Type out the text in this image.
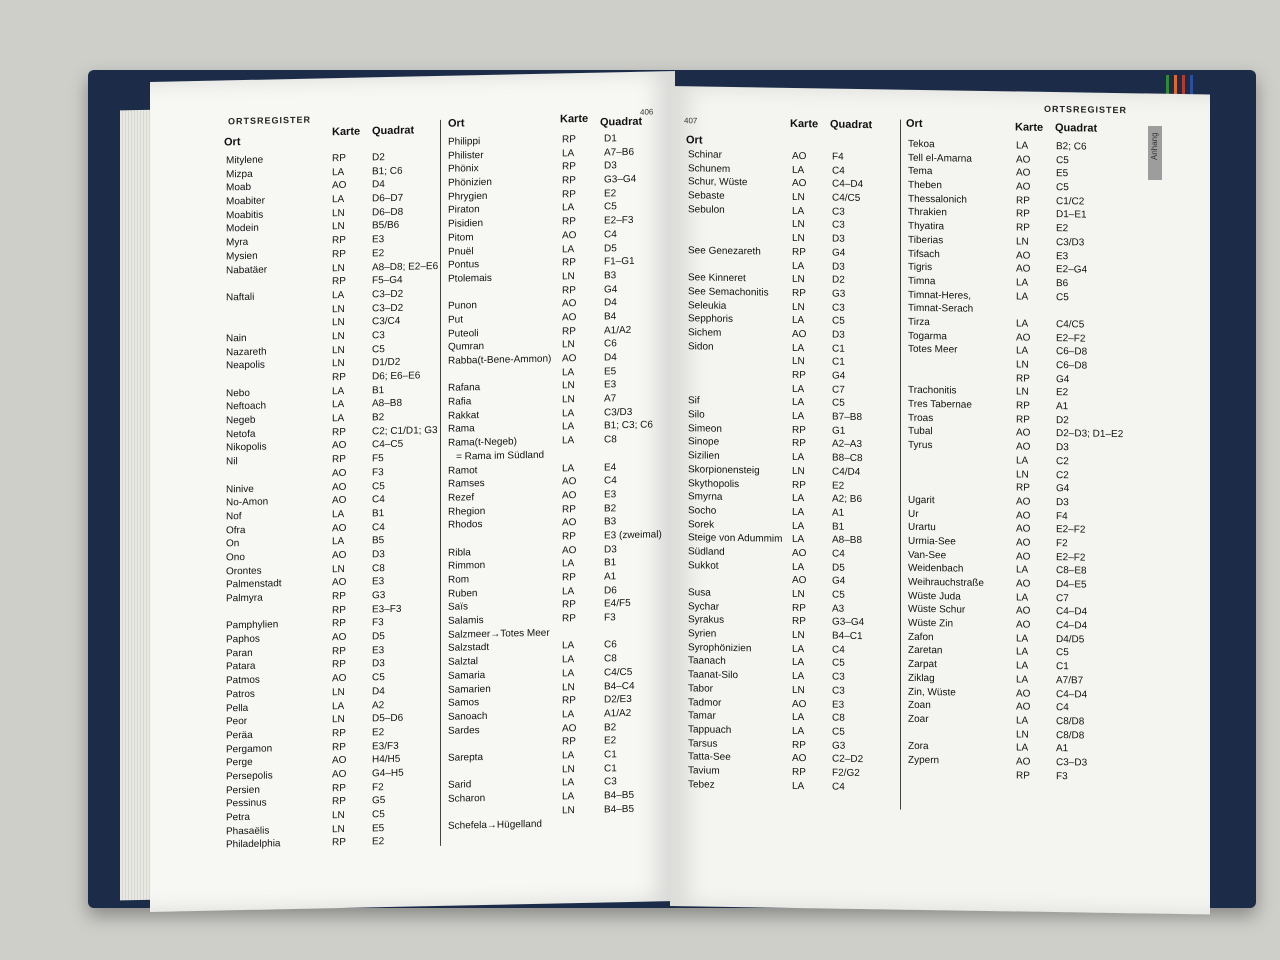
ORTSREGISTER
406
Ort
Karte Quadrat
Ort	Karte Quadrat
Mitylene	RP	D2
Mizpa	LA	B1; C6
Moab	AO	D4
Moabiter	LA	D6–D7
Moabitis	LN	D6–D8
Modein	LN	B5/B6
Myra	RP	E3
Mysien	RP	E2
Nabatäer	LN	A8–D8; E2–E6
RP	F5–G4
Naftali	LA	C3–D2
LN	C3–D2
LN	C3/C4
Nain	LN	C3
Nazareth	LN	C5
Neapolis	LN	D1/D2
RP	D6; E6–E6
Nebo	LA	B1
Neftoach	LA	A8–B8
Negeb	LA	B2
Netofa	RP	C2; C1/D1; G3
Nikopolis	AO	C4–C5
Nil	RP	F5
AO	F3
Ninive	AO	C5
No-Amon	AO	C4
Nof	LA	B1
Ofra	AO	C4
On	LA	B5
Ono	AO	D3
Orontes	LN	C8
Palmenstadt	AO	E3
Palmyra	RP	G3
RP	E3–F3
Pamphylien	RP	F3
Paphos	AO	D5
Paran	RP	E3
Patara	RP	D3
Patmos	AO	C5
Patros	LN	D4
Pella	LA	A2
Peor	LN	D5–D6
Peräa	RP	E2
Pergamon	RP	E3/F3
Perge	AO	H4/H5
Persepolis	AO	G4–H5
Persien	RP	F2
Pessinus	RP	G5
Petra	LN	C5
Phasaëlis	LN	E5
Philadelphia	RP	E2
Philippi	RP	D1
Philister	LA	A7–B6
Phönix	RP	D3
Phönizien	RP	G3–G4
Phrygien	RP	E2
Piraton	LA	C5
Pisidien	RP	E2–F3
Pitom	AO	C4
Pnuël	LA	D5
Pontus	RP	F1–G1
Ptolemais	LN	B3
RP	G4
Punon	AO	D4
Put	AO	B4
Puteoli	RP	A1/A2
Qumran	LN	C6
Rabba(t-Bene-Ammon) AO	D4
LA	E5
Rafana	LN	E3
Rafia	LN	A7
Rakkat	LA	C3/D3
Rama	LA	B1; C3; C6
Rama(t-Negeb)	LA	C8
= Rama im Südland
Ramot	LA	E4
Ramses	AO	C4
Rezef	AO	E3
Rhegion	RP	B2
Rhodos	AO	B3
RP	E3 (zweimal)
Ribla	AO	D3
Rimmon	LA	B1
Rom	RP	A1
Ruben	LA	D6
Saïs	RP	E4/F5
Salamis	RP	F3
Salzmeer→Totes Meer
Salzstadt	LA	C6
Salztal	LA	C8
Samaria	LA	C4/C5
Samarien	LN	B4–C4
Samos	RP	D2/E3
Sanoach	LA	A1/A2
Sardes	AO	B2
RP	E2
Sarepta	LA	C1
LN	C1
Sarid	LA	C3
Scharon	LA	B4–B5
LN	B4–B5
Schefela→Hügelland
ORTSREGISTER
407
Ort
Karte Quadrat	Ort	Karte Quadrat
Schinar	AO	F4
Schunem	LA	C4
Schur, Wüste	AO	C4–D4
Sebaste	LN	C4/C5
Sebulon	LA	C3
LN	C3
LN	D3
See Genezareth	RP	G4
LA	D3
See Kinneret	LN	D2
See Semachonitis RP	G3
Seleukia	LN	C3
Sepphoris	LA	C5
Sichem	AO	D3
Sidon	LA	C1
LN	C1
RP	G4
LA	C7
Sif	LA	C5
Silo	LA	B7–B8
Simeon	RP	G1
Sinope	RP	A2–A3
Sizilien	LA	B8–C8
Skorpionensteig	LN	C4/D4
Skythopolis	RP	E2
Smyrna	LA	A2; B6
Socho	LA	A1
Sorek	LA	B1
Steige von Adummim LA	A8–B8
Südland	AO	C4
Sukkot	LA	D5
AO	G4
Susa	LN	C5
Sychar	RP	A3
Syrakus	RP	G3–G4
Syrien	LN	B4–C1
Syrophönizien	LA	C4
Taanach	LA	C5
Taanat-Silo	LA	C3
Tabor	LN	C3
Tadmor	AO	E3
Tamar	LA	C8
Tappuach	LA	C5
Tarsus	RP	G3
Tatta-See	AO	C2–D2
Tavium	RP	F2/G2
Tebez	LA	C4
Tekoa	LA	B2; C6
Tell el-Amarna	AO	C5
Tema	AO	E5
Theben	AO	C5
Thessalonich	RP	C1/C2
Thrakien	RP	D1–E1
Thyatira	RP	E2
Tiberias	LN	C3/D3
Tifsach	AO	E3
Tigris	AO	E2–G4
Timna	LA	B6
Timnat-Heres,	LA	C5
Timnat-Serach
Tirza	LA	C4/C5
Togarma	AO	E2–F2
Totes Meer	LA	C6–D8
LN	C6–D8
RP	G4
Trachonitis	LN	E2
Tres Tabernae	RP	A1
Troas	RP	D2
Tubal	AO	D2–D3; D1–E2
Tyrus	AO	D3
LA	C2
LN	C2
RP	G4
Ugarit	AO	D3
Ur	AO	F4
Urartu	AO	E2–F2
Urmia-See	AO	F2
Van-See	AO	E2–F2
Weidenbach	LA	C8–E8
Weihrauchstraße	AO	D4–E5
Wüste Juda	LA	C7
Wüste Schur	AO	C4–D4
Wüste Zin	AO	C4–D4
Zafon	LA	D4/D5
Zaretan	LA	C5
Zarpat	LA	C1
Ziklag	LA	A7/B7
Zin, Wüste	AO	C4–D4
Zoan	AO	C4
Zoar	LA	C8/D8
LN	C8/D8
Zora	LA	A1
Zypern	AO	C3–D3
RP	F3
Anhang
